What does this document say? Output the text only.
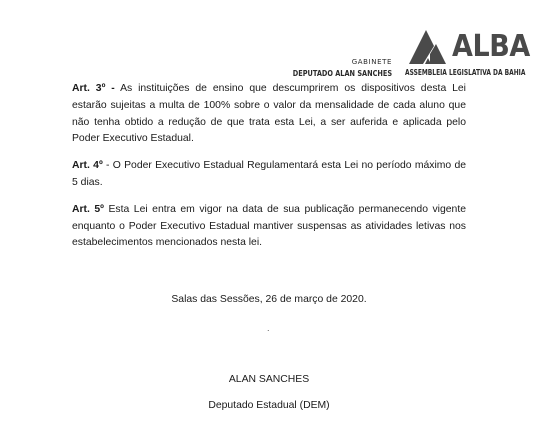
GABINETE
DEPUTADO ALAN SANCHES
ALBA
ASSEMBLEIA LEGISLATIVA DA BAHIA

Art. 3º - As instituições de ensino que descumprirem os dispositivos desta Lei estarão sujeitas a multa de 100% sobre o valor da mensalidade de cada aluno que não tenha obtido a redução de que trata esta Lei, a ser auferida e aplicada pelo Poder Executivo Estadual.

Art. 4º - O Poder Executivo Estadual Regulamentará esta Lei no período máximo de 5 dias.

Art. 5º Esta Lei entra em vigor na data de sua publicação permanecendo vigente enquanto o Poder Executivo Estadual mantiver suspensas as atividades letivas nos estabelecimentos mencionados nesta lei.

Salas das Sessões, 26 de março de 2020.
.
ALAN SANCHES
Deputado Estadual (DEM)
